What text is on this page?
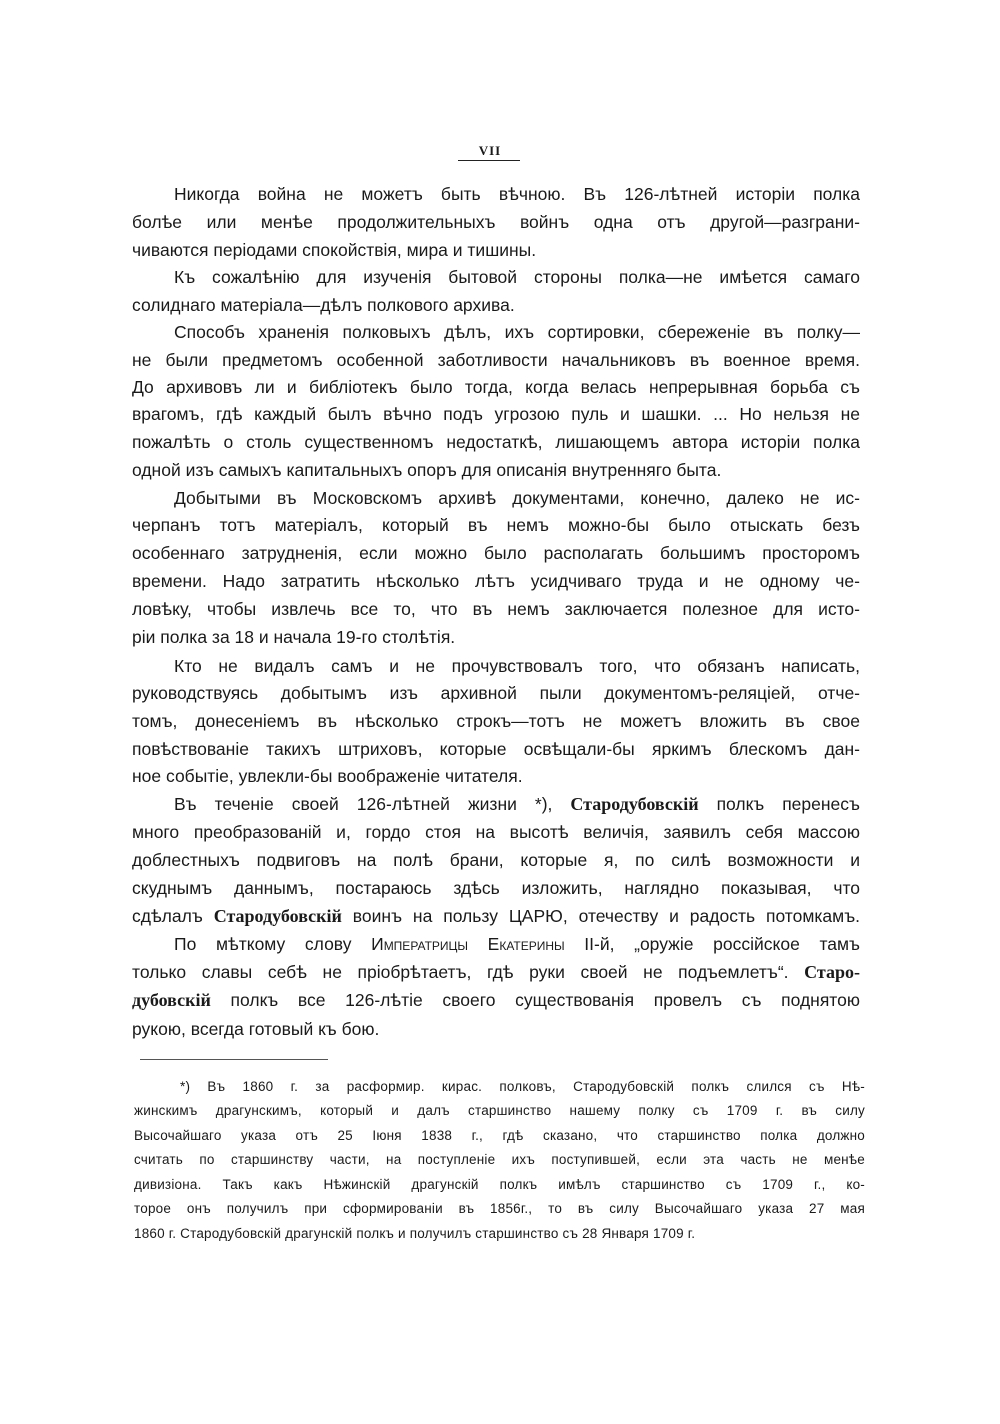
VII
Никогда война не можетъ быть вѣчною. Въ 126-лѣтней исторіи полка
болѣе или менѣе продолжительныхъ войнъ одна отъ другой—разграни-
чиваются періодами спокойствія, мира и тишины.
Къ сожалѣнію для изученія бытовой стороны полка—не имѣется самаго
солиднаго матеріала—дѣлъ полкового архива.
Способъ храненія полковыхъ дѣлъ, ихъ сортировки, сбереженіе въ полку—
не были предметомъ особенной заботливости начальниковъ въ военное время.
До архивовъ ли и библіотекъ было тогда, когда велась непрерывная борьба съ
врагомъ, гдѣ каждый былъ вѣчно подъ угрозою пуль и шашки. ... Но нельзя не
пожалѣть о столь существенномъ недостаткѣ, лишающемъ автора исторіи полка
одной изъ самыхъ капитальныхъ опоръ для описанія внутренняго быта.
Добытыми въ Московскомъ архивѣ документами, конечно, далеко не ис-
черпанъ тотъ матеріалъ, который въ немъ можно-бы было отыскать безъ
особеннаго затрудненія, если можно было располагать большимъ просторомъ
времени. Надо затратить нѣсколько лѣтъ усидчиваго труда и не одному че-
ловѣку, чтобы извлечь все то, что въ немъ заключается полезное для исто-
ріи полка за 18 и начала 19-го столѣтія.
Кто не видалъ самъ и не прочувствовалъ того, что обязанъ написать,
руководствуясь добытымъ изъ архивной пыли документомъ-реляціей, отче-
томъ, донесеніемъ въ нѣсколько строкъ—тотъ не можетъ вложить въ свое
повѣствованіе такихъ штриховъ, которые освѣщали-бы яркимъ блескомъ дан-
ное событіе, увлекли-бы воображеніе читателя.
Въ теченіе своей 126-лѣтней жизни *), Стародубовскій полкъ перенесъ
много преобразованій и, гордо стоя на высотѣ величія, заявилъ себя массою
доблестныхъ подвиговъ на полѣ брани, которые я, по силѣ возможности и
скуднымъ даннымъ, постараюсь здѣсь изложить, наглядно показывая, что
сдѣлалъ Стародубовскій воинъ на пользу ЦАРЮ, отечеству и радость потомкамъ.
По мѣткому слову Императрицы Екатерины II-й, „оружіе россійское тамъ
только славы себѣ не пріобрѣтаетъ, гдѣ руки своей не подъемлетъ“. Старо-
дубовскій полкъ все 126-лѣтіе своего существованія провелъ съ поднятою
рукою, всегда готовый къ бою.
*) Въ 1860 г. за расформир. кирас. полковъ, Стародубовскій полкъ слился съ Нѣ-
жинскимъ драгунскимъ, который и далъ старшинство нашему полку съ 1709 г. въ силу
Высочайшаго указа отъ 25 Іюня 1838 г., гдѣ сказано, что старшинство полка должно
считать по старшинству части, на поступленіе ихъ поступившей, если эта часть не менѣе
дивизіона. Такъ какъ Нѣжинскій драгунскій полкъ имѣлъ старшинство съ 1709 г., ко-
торое онъ получилъ при сформированіи въ 1856г., то въ силу Высочайшаго указа 27 мая
1860 г. Стародубовскій драгунскій полкъ и получилъ старшинство съ 28 Января 1709 г.
